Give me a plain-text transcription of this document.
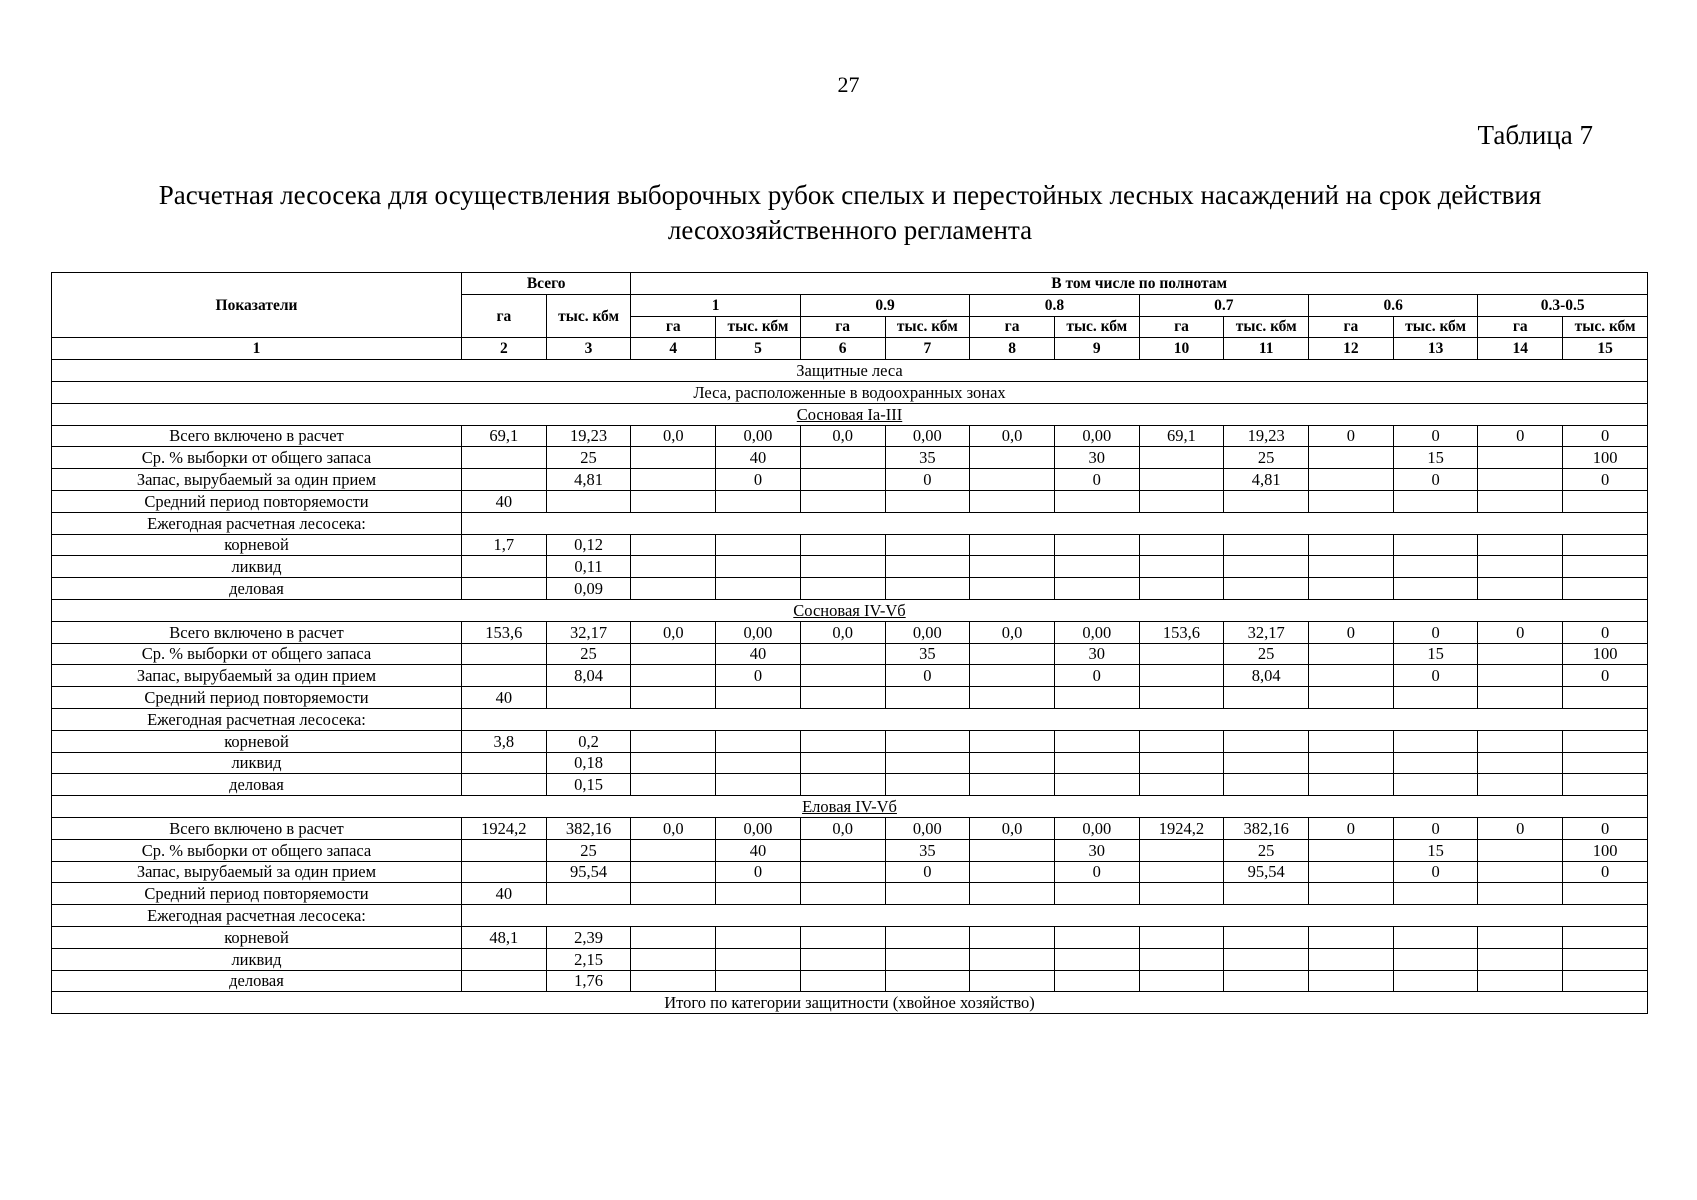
27
Таблица 7
Расчетная лесосека для осуществления выборочных рубок спелых и перестойных лесных насаждений на срок действия лесохозяйственного регламента
Показатели	Всего		В том числе по полнотам											
	га	тыс. кбм	1		0.9		0.8		0.7		0.6		0.3-0.5	
			га	тыс. кбм	га	тыс. кбм	га	тыс. кбм	га	тыс. кбм	га	тыс. кбм	га	тыс. кбм
1	2	3	4	5	6	7	8	9	10	11	12	13	14	15
Защитные леса														
Леса, расположенные в водоохранных зонах														
Сосновая Ia-III														
Всего включено в расчет	69,1	19,23	0,0	0,00	0,0	0,00	0,0	0,00	69,1	19,23	0	0	0	0
Ср. % выборки от общего запаса		25		40		35		30		25		15		100
Запас, вырубаемый за один прием		4,81		0		0		0		4,81		0		0
Средний период повторяемости	40													
Ежегодная расчетная лесосека:														
корневой	1,7	0,12												
ликвид		0,11												
деловая		0,09												
Сосновая IV-Vб														
Всего включено в расчет	153,6	32,17	0,0	0,00	0,0	0,00	0,0	0,00	153,6	32,17	0	0	0	0
Ср. % выборки от общего запаса		25		40		35		30		25		15		100
Запас, вырубаемый за один прием		8,04		0		0		0		8,04		0		0
Средний период повторяемости	40													
Ежегодная расчетная лесосека:														
корневой	3,8	0,2												
ликвид		0,18												
деловая		0,15												
Еловая IV-Vб														
Всего включено в расчет	1924,2	382,16	0,0	0,00	0,0	0,00	0,0	0,00	1924,2	382,16	0	0	0	0
Ср. % выборки от общего запаса		25		40		35		30		25		15		100
Запас, вырубаемый за один прием		95,54		0		0		0		95,54		0		0
Средний период повторяемости	40													
Ежегодная расчетная лесосека:														
корневой	48,1	2,39												
ликвид		2,15												
деловая		1,76												
Итого по категории защитности (хвойное хозяйство)														
